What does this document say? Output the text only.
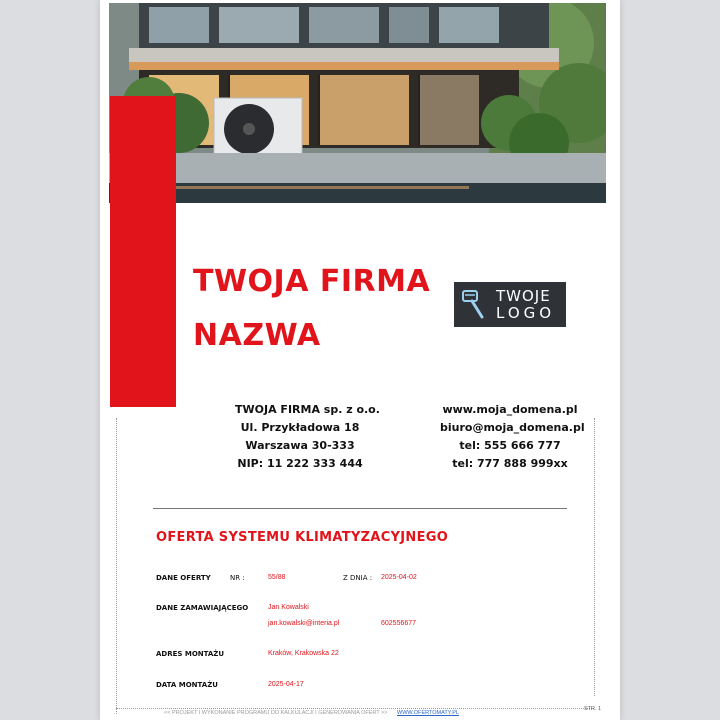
TWOJA FIRMA
NAZWA
TWOJE
LOGO
TWOJA FIRMA sp. z o.o.
Ul. Przykładowa 18
Warszawa 30-333
NIP: 11 222 333 444
www.moja_domena.pl
biuro@moja_domena.pl
tel: 555 666 777
tel: 777 888 999xx
OFERTA SYSTEMU KLIMATYZACYJNEGO
DANE OFERTY	NR :	55/88	Z DNIA : 2025-04-02
DANE ZAMAWIAJĄCEGO	Jan Kowalski
jan.kowalski@interia.pl	602556677
ADRES MONTAŻU	Kraków, Krakowska 22
DATA MONTAŻU	2025-04-17
<< PROJEKT I WYKONANIE PROGRAMU DO KALKULACJI I GENEROWANIA OFERT >> WWW.OFERTOMATY.PL
STR. 1
